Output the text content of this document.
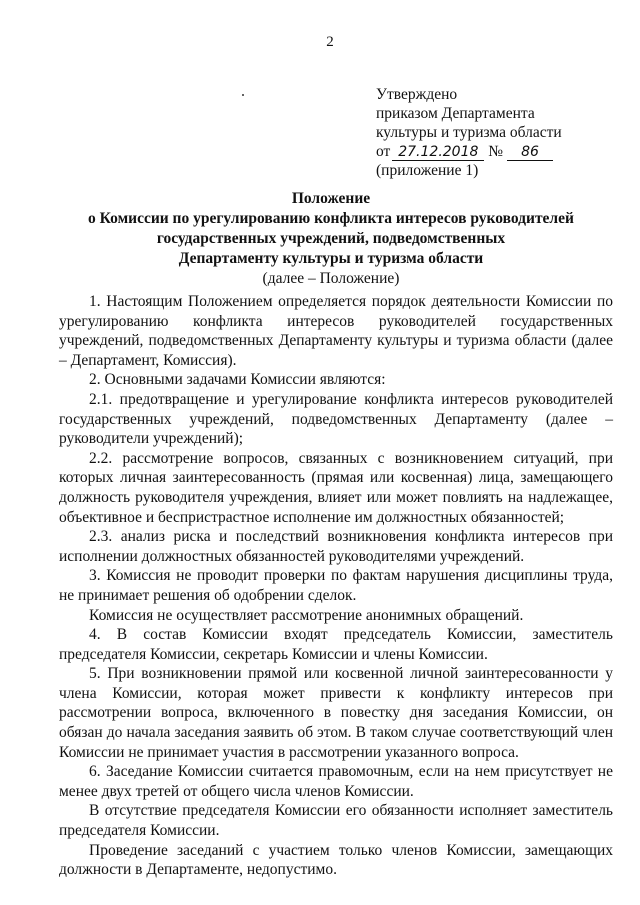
2
Утверждено
приказом Департамента
культуры и туризма области
от 27.12.2018 № 86
(приложение 1)
Положение
о Комиссии по урегулированию конфликта интересов руководителей
государственных учреждений, подведомственных
Департаменту культуры и туризма области
(далее – Положение)

1. Настоящим Положением определяется порядок деятельности Комиссии по урегулированию конфликта интересов руководителей государственных учреждений, подведомственных Департаменту культуры и туризма области (далее – Департамент, Комиссия).

2. Основными задачами Комиссии являются:

2.1. предотвращение и урегулирование конфликта интересов руководителей государственных учреждений, подведомственных Департаменту (далее – руководители учреждений);

2.2. рассмотрение вопросов, связанных с возникновением ситуаций, при которых личная заинтересованность (прямая или косвенная) лица, замещающего должность руководителя учреждения, влияет или может повлиять на надлежащее, объективное и беспристрастное исполнение им должностных обязанностей;

2.3. анализ риска и последствий возникновения конфликта интересов при исполнении должностных обязанностей руководителями учреждений.

3. Комиссия не проводит проверки по фактам нарушения дисциплины труда, не принимает решения об одобрении сделок.

Комиссия не осуществляет рассмотрение анонимных обращений.

4. В состав Комиссии входят председатель Комиссии, заместитель председателя Комиссии, секретарь Комиссии и члены Комиссии.

5. При возникновении прямой или косвенной личной заинтересованности у члена Комиссии, которая может привести к конфликту интересов при рассмотрении вопроса, включенного в повестку дня заседания Комиссии, он обязан до начала заседания заявить об этом. В таком случае соответствующий член Комиссии не принимает участия в рассмотрении указанного вопроса.

6. Заседание Комиссии считается правомочным, если на нем присутствует не менее двух третей от общего числа членов Комиссии.

В отсутствие председателя Комиссии его обязанности исполняет заместитель председателя Комиссии.

Проведение заседаний с участием только членов Комиссии, замещающих должности в Департаменте, недопустимо.
